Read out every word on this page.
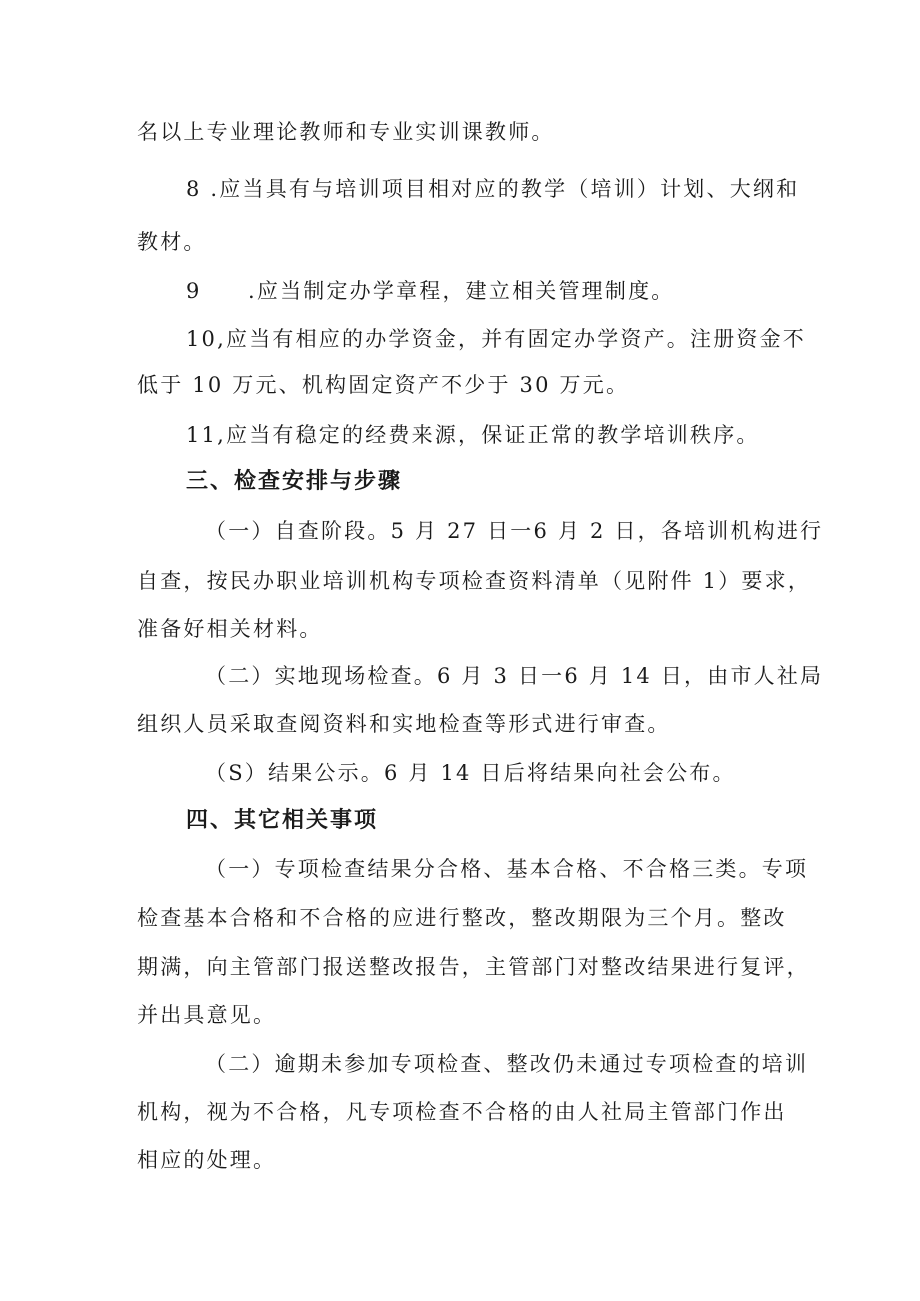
名以上专业理论教师和专业实训课教师。

8 .应当具有与培训项目相对应的教学（培训）计划、大纲和

教材。

9 .应当制定办学章程，建立相关管理制度。

10,应当有相应的办学资金，并有固定办学资产。注册资金不

低于 10 万元、机构固定资产不少于 30 万元。

11,应当有稳定的经费来源，保证正常的教学培训秩序。

三、检查安排与步骤

（一）自查阶段。5 月 27 日一6 月 2 日，各培训机构进行

自查，按民办职业培训机构专项检查资料清单（见附件 1）要求，

准备好相关材料。

（二）实地现场检查。6 月 3 日一6 月 14 日，由市人社局

组织人员采取查阅资料和实地检查等形式进行审查。

（S）结果公示。6 月 14 日后将结果向社会公布。

四、其它相关事项

（一）专项检查结果分合格、基本合格、不合格三类。专项

检查基本合格和不合格的应进行整改，整改期限为三个月。整改

期满，向主管部门报送整改报告，主管部门对整改结果进行复评，

并出具意见。

（二）逾期未参加专项检查、整改仍未通过专项检查的培训

机构，视为不合格，凡专项检查不合格的由人社局主管部门作出

相应的处理。
